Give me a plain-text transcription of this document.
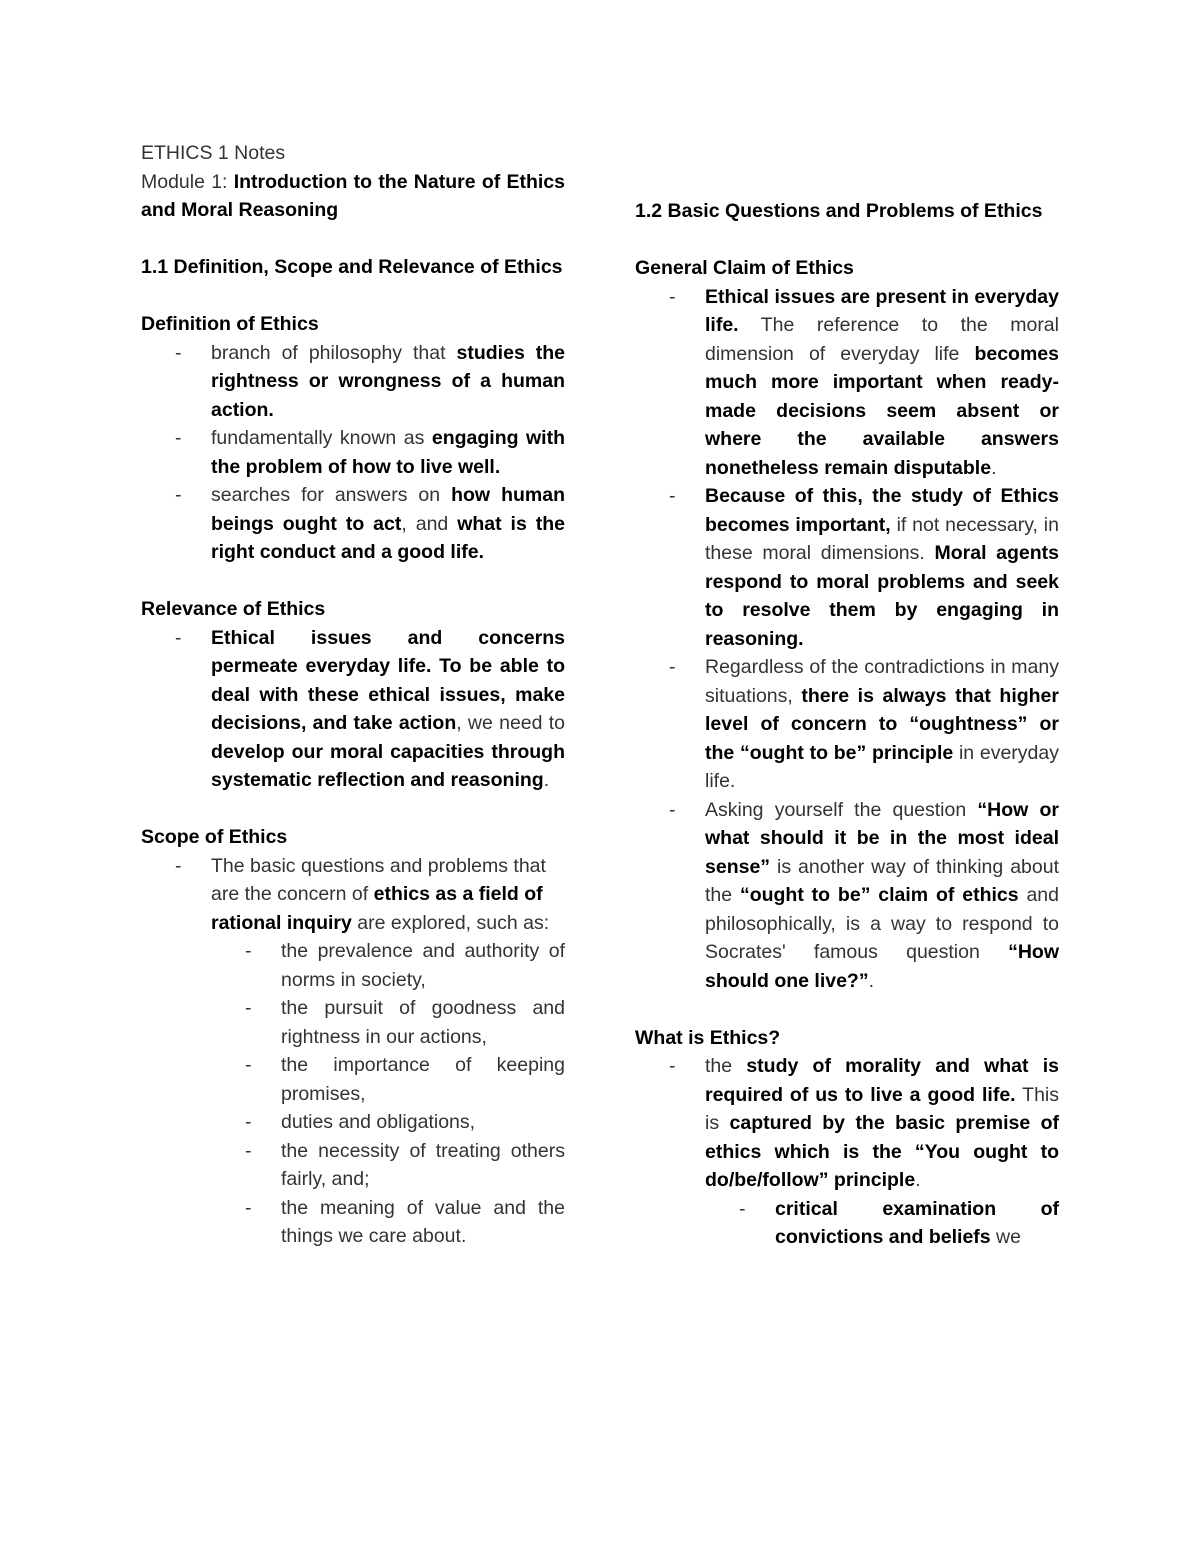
ETHICS 1 Notes
Module 1: Introduction to the Nature of Ethics and Moral Reasoning
1.1 Definition, Scope and Relevance of Ethics
Definition of Ethics
- branch of philosophy that studies the rightness or wrongness of a human action.
- fundamentally known as engaging with the problem of how to live well.
- searches for answers on how human beings ought to act, and what is the right conduct and a good life.
Relevance of Ethics
- Ethical issues and concerns permeate everyday life. To be able to deal with these ethical issues, make decisions, and take action, we need to develop our moral capacities through systematic reflection and reasoning.
Scope of Ethics
- The basic questions and problems that are the concern of ethics as a field of rational inquiry are explored, such as:
- the prevalence and authority of norms in society,
- the pursuit of goodness and rightness in our actions,
- the importance of keeping promises,
- duties and obligations,
- the necessity of treating others fairly, and;
- the meaning of value and the things we care about.
1.2 Basic Questions and Problems of Ethics
General Claim of Ethics
- Ethical issues are present in everyday life. The reference to the moral dimension of everyday life becomes much more important when ready-made decisions seem absent or where the available answers nonetheless remain disputable.
- Because of this, the study of Ethics becomes important, if not necessary, in these moral dimensions. Moral agents respond to moral problems and seek to resolve them by engaging in reasoning.
- Regardless of the contradictions in many situations, there is always that higher level of concern to “oughtness” or the “ought to be” principle in everyday life.
- Asking yourself the question “How or what should it be in the most ideal sense” is another way of thinking about the “ought to be” claim of ethics and philosophically, is a way to respond to Socrates' famous question “How should one live?”.
What is Ethics?
- the study of morality and what is required of us to live a good life. This is captured by the basic premise of ethics which is the “You ought to do/be/follow” principle.
- critical examination of convictions and beliefs we
